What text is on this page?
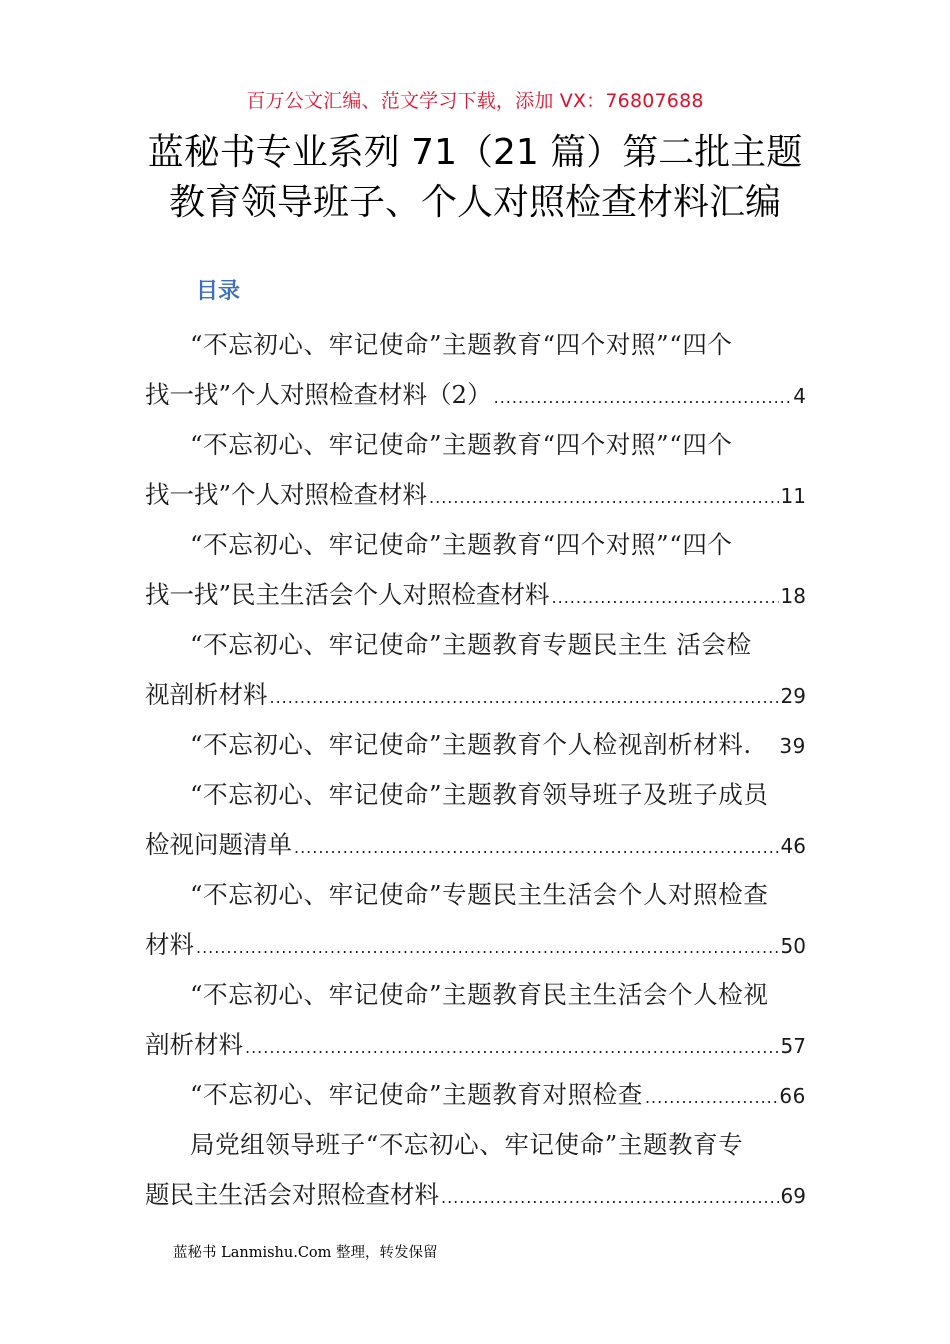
百万公文汇编、范文学习下载，添加 VX：76807688
蓝秘书专业系列 71（21 篇）第二批主题
教育领导班子、个人对照检查材料汇编
目录
“不忘初心、牢记使命”主题教育“四个对照”“四个
找一找”个人对照检查材料（2） .....	4
“不忘初心、牢记使命”主题教育“四个对照”“四个
找一找”个人对照检查材料 .....	11
“不忘初心、牢记使命”主题教育“四个对照”“四个
找一找”民主生活会个人对照检查材料 .....	18
“不忘初心、牢记使命”主题教育专题民主生 活会检
视剖析材料 .....	29
“不忘初心、牢记使命”主题教育个人检视剖析材料. 39
“不忘初心、牢记使命”主题教育领导班子及班子成员
检视问题清单 .....	46
“不忘初心、牢记使命”专题民主生活会个人对照检查
材料 .....	50
“不忘初心、牢记使命”主题教育民主生活会个人检视
剖析材料 .....	57
“不忘初心、牢记使命”主题教育对照检查 .....	66
局党组领导班子“不忘初心、牢记使命”主题教育专
题民主生活会对照检查材料 .....	69
蓝秘书 Lanmishu.Com 整理，转发保留
